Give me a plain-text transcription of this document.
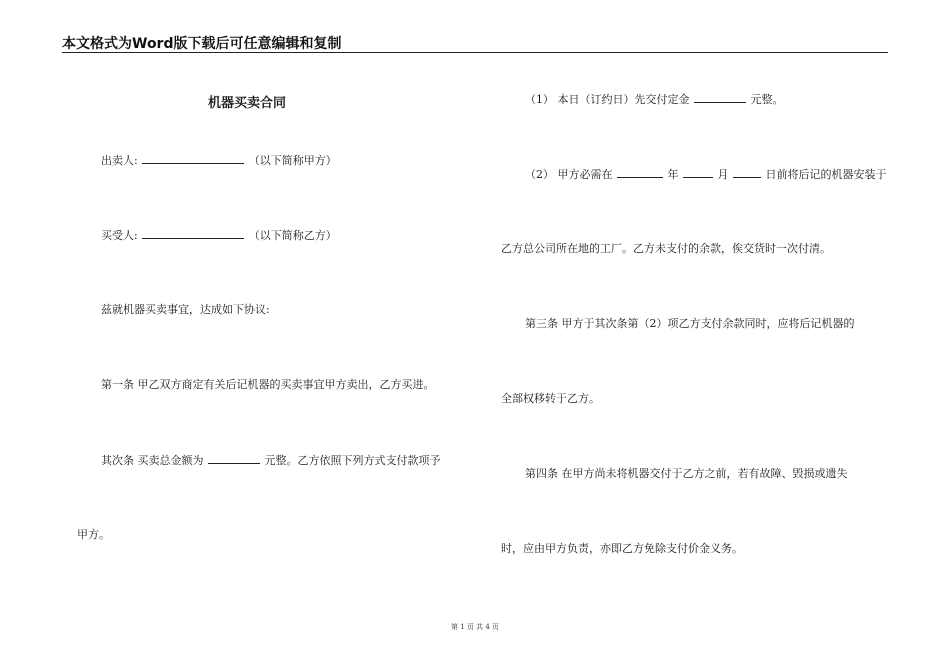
本文格式为Word版下载后可任意编辑和复制
机器买卖合同
出卖人:	（以下简称甲方）
买受人:	（以下简称乙方）
兹就机器买卖事宜，达成如下协议:
第一条 甲乙双方商定有关后记机器的买卖事宜甲方卖出，乙方买进。
其次条 买卖总金额为	元整。乙方依照下列方式支付款项予
甲方。
（1） 本日（订约日）先交付定金	元整。
（2） 甲方必需在	年	月	日前将后记的机器安装于
乙方总公司所在地的工厂。乙方未支付的余款，俟交货时一次付清。
第三条 甲方于其次条第（2）项乙方支付余款同时，应将后记机器的
全部权移转于乙方。
第四条 在甲方尚未将机器交付于乙方之前，若有故障、毁损或遗失
时，应由甲方负责，亦即乙方免除支付价金义务。
第 1 页 共 4 页
